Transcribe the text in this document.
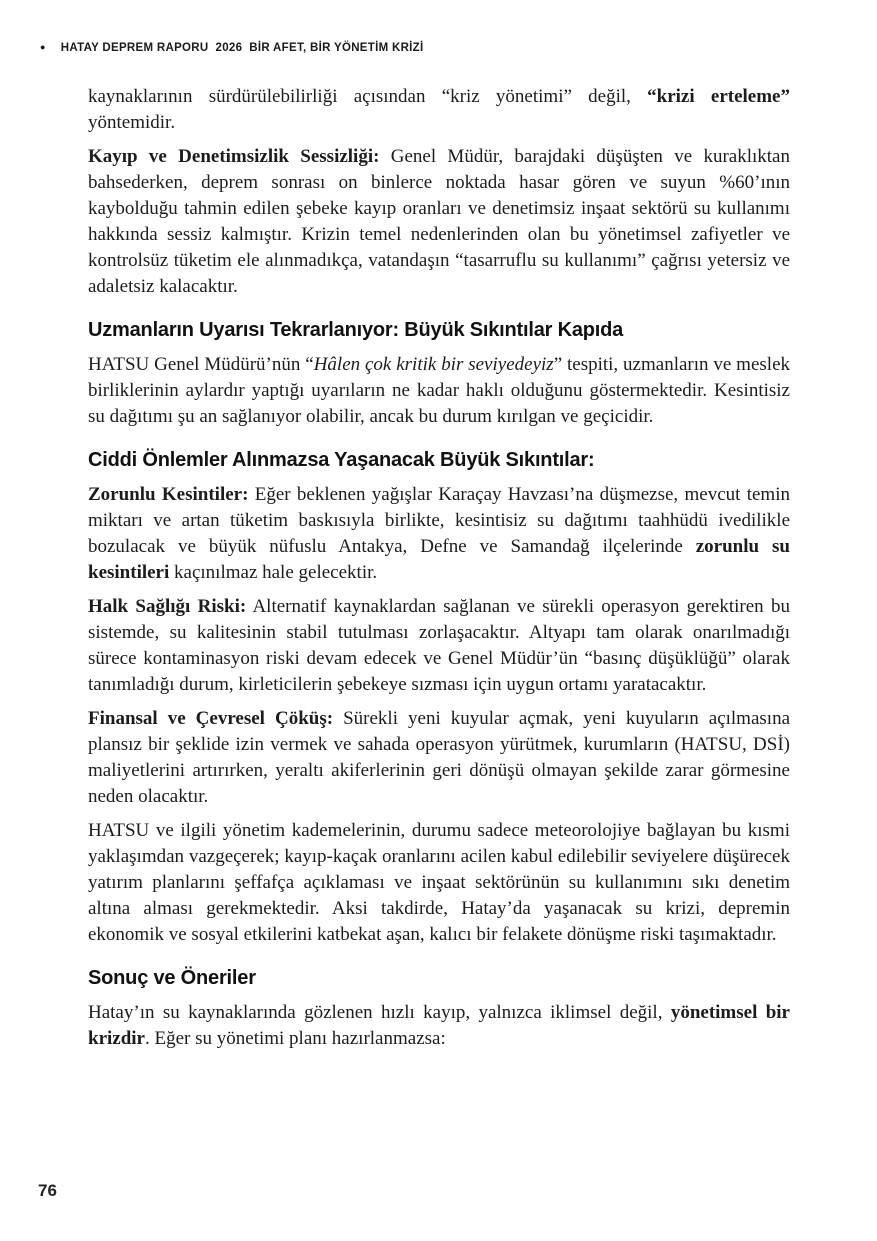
● HATAY DEPREM RAPORU  2026  BİR AFET, BİR YÖNETİM KRİZİ

kaynaklarının sürdürülebilirliği açısından “kriz yönetimi” değil, “krizi erteleme” yöntemidir.

Kayıp ve Denetimsizlik Sessizliği: Genel Müdür, barajdaki düşüşten ve kuraklıktan bahsederken, deprem sonrası on binlerce noktada hasar gören ve suyun %60’ının kaybolduğu tahmin edilen şebeke kayıp oranları ve denetimsiz inşaat sektörü su kullanımı hakkında sessiz kalmıştır. Krizin temel nedenlerinden olan bu yönetimsel zafiyetler ve kontrolsüz tüketim ele alınmadıkça, vatandaşın “tasarruflu su kullanımı” çağrısı yetersiz ve adaletsiz kalacaktır.

Uzmanların Uyarısı Tekrarlanıyor: Büyük Sıkıntılar Kapıda

HATSU Genel Müdürü’nün “Hâlen çok kritik bir seviyedeyiz” tespiti, uzmanların ve meslek birliklerinin aylardır yaptığı uyarıların ne kadar haklı olduğunu göstermektedir. Kesintisiz su dağıtımı şu an sağlanıyor olabilir, ancak bu durum kırılgan ve geçicidir.

Ciddi Önlemler Alınmazsa Yaşanacak Büyük Sıkıntılar:

Zorunlu Kesintiler: Eğer beklenen yağışlar Karaçay Havzası’na düşmezse, mevcut temin miktarı ve artan tüketim baskısıyla birlikte, kesintisiz su dağıtımı taahhüdü ivedilikle bozulacak ve büyük nüfuslu Antakya, Defne ve Samandağ ilçelerinde zorunlu su kesintileri kaçınılmaz hale gelecektir.

Halk Sağlığı Riski: Alternatif kaynaklardan sağlanan ve sürekli operasyon gerektiren bu sistemde, su kalitesinin stabil tutulması zorlaşacaktır. Altyapı tam olarak onarılmadığı sürece kontaminasyon riski devam edecek ve Genel Müdür’ün “basınç düşüklüğü” olarak tanımladığı durum, kirleticilerin şebekeye sızması için uygun ortamı yaratacaktır.

Finansal ve Çevresel Çöküş: Sürekli yeni kuyular açmak, yeni kuyuların açılmasına plansız bir şeklide izin vermek ve sahada operasyon yürütmek, kurumların (HATSU, DSİ) maliyetlerini artırırken, yeraltı akiferlerinin geri dönüşü olmayan şekilde zarar görmesine neden olacaktır.

HATSU ve ilgili yönetim kademelerinin, durumu sadece meteorolojiye bağlayan bu kısmi yaklaşımdan vazgeçerek; kayıp-kaçak oranlarını acilen kabul edilebilir seviyelere düşürecek yatırım planlarını şeffafça açıklaması ve inşaat sektörünün su kullanımını sıkı denetim altına alması gerekmektedir. Aksi takdirde, Hatay’da yaşanacak su krizi, depremin ekonomik ve sosyal etkilerini katbekat aşan, kalıcı bir felakete dönüşme riski taşımaktadır.

Sonuç ve Öneriler

Hatay’ın su kaynaklarında gözlenen hızlı kayıp, yalnızca iklimsel değil, yönetimsel bir krizdir. Eğer su yönetimi planı hazırlanmazsa:

76
